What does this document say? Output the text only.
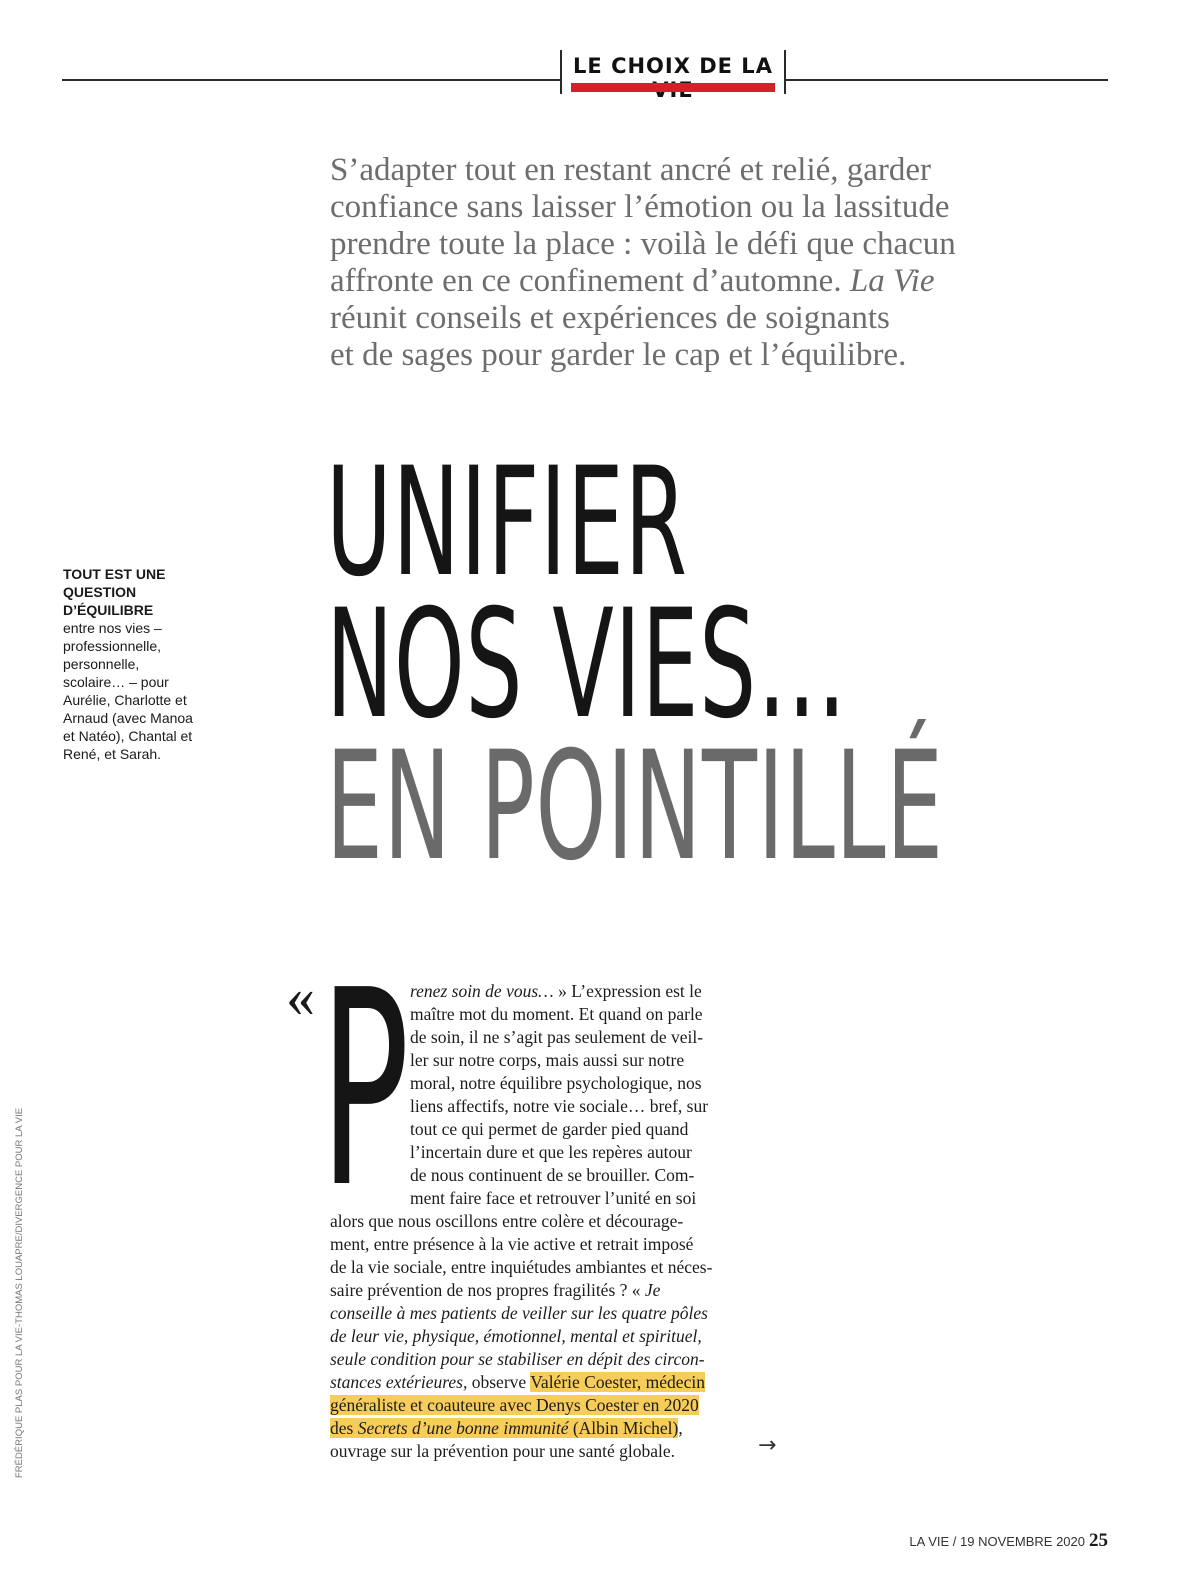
LE CHOIX DE LA

S’adapter tout en restant ancré et relié, garder

confiance sans laisser l’émotion ou la lassitude

prendre toute la place : voilà le défi que chacun

affronte en ce confinement d’automne. La Vie

réunit conseils et expériences de soignants

et de sages pour garder le cap et l’équilibre.

TOUT EST UNE QUESTION D’ÉQUILIBRE
entre nos vies – professionnelle, personnelle, scolaire… – pour Aurélie, Charlotte et Arnaud (avec Manoa et Natéo), Chantal et René, et Sarah.
UNIFIER
NOS VIES…
EN POINTILLÉ
« P renez soin de vous… » L’expression est le
maître mot du moment. Et quand on parle
de soin, il ne s’agit pas seulement de veil-
ler sur notre corps, mais aussi sur notre
moral, notre équilibre psychologique, nos
liens affectifs, notre vie sociale… bref, sur
tout ce qui permet de garder pied quand
l’incertain dure et que les repères autour
de nous continuent de se brouiller. Com-
ment faire face et retrouver l’unité en soi
alors que nous oscillons entre colère et décourage-
ment, entre présence à la vie active et retrait imposé
de la vie sociale, entre inquiétudes ambiantes et néces-
saire prévention de nos propres fragilités ? « Je
conseille à mes patients de veiller sur les quatre pôles
de leur vie, physique, émotionnel, mental et spirituel,
seule condition pour se stabiliser en dépit des circon-
stances extérieures, observe Valérie Coester, médecin
généraliste et coauteure avec Denys Coester en 2020
des Secrets d’une bonne immunité (Albin Michel),
ouvrage sur la prévention pour une santé globale.	→
FRÉDÉRIQUE PLAS POUR LA VIE-THOMAS LOUAPRE/DIVERGENCE POUR LA VIE
LA VIE / 19 NOVEMBRE 2020 25
